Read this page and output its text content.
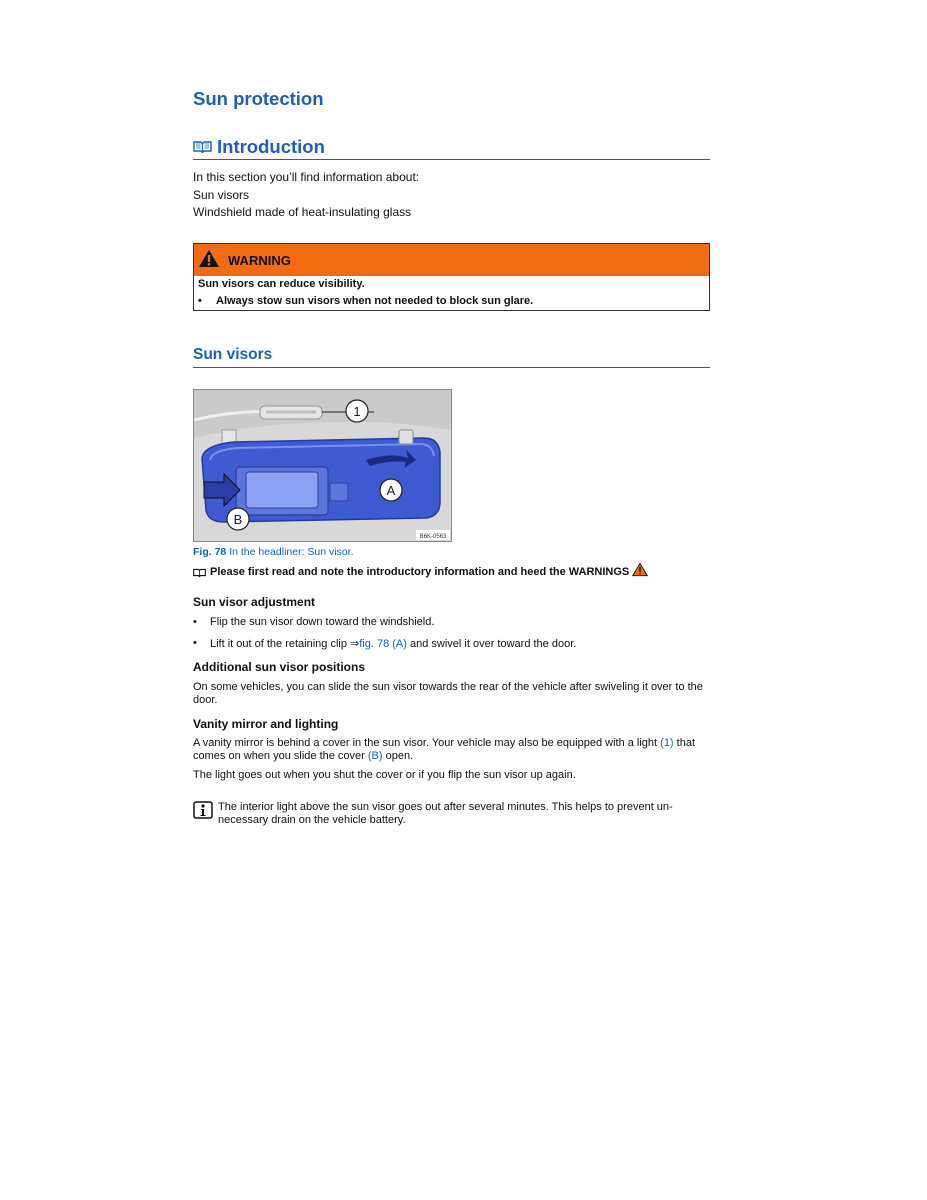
Sun protection
Introduction
In this section you’ll find information about:
Sun visors
Windshield made of heat-insulating glass
WARNING
Sun visors can reduce visibility.
• Always stow sun visors when not needed to block sun glare.
Sun visors
1
A
B
B6K-0563
Fig. 78 In the headliner: Sun visor.
Please first read and note the introductory information and heed the WARNINGS
Sun visor adjustment
•	Flip the sun visor down toward the windshield.
•	Lift it out of the retaining clip ⇒fig. 78 (A) and swivel it over toward the door.
Additional sun visor positions
On some vehicles, you can slide the sun visor towards the rear of the vehicle after swiveling it over to the door.
Vanity mirror and lighting
A vanity mirror is behind a cover in the sun visor. Your vehicle may also be equipped with a light (1) that comes on when you slide the cover (B) open.
The light goes out when you shut the cover or if you flip the sun visor up again.
The interior light above the sun visor goes out after several minutes. This helps to prevent un-necessary drain on the vehicle battery.
